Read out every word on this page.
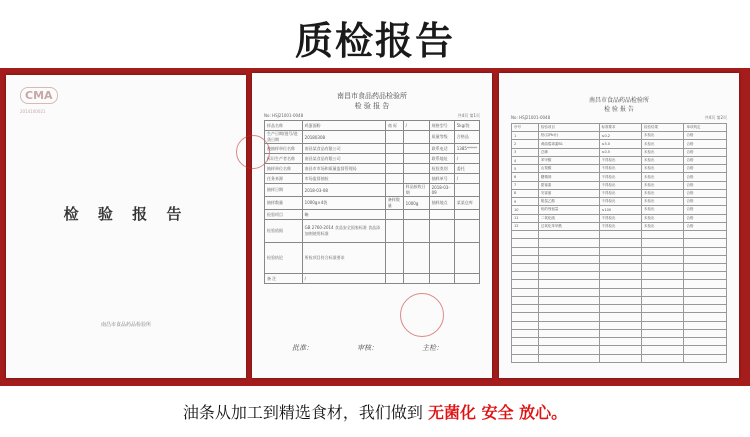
质检报告
CMA
2014100021
检 验 报 告
南昌市食品药品检验所
南昌市食品药品检验所
检 验 报 告
No: HSJ21001-0048	共4页 第1页
样品名称	鸡蛋面粉	商 标	/	规格型号	5kg/袋
生产日期/批号/进货日期	20180308			质量等级	合格品
被抽样单位名称	南昌某食品有限公司			联系电话	1385*****
标识生产者名称	南昌某食品有限公司			联系地址	/
抽样单位名称	南昌市市场和质量监督管理局			检验类别	委托
任务来源	市场监督抽检			抽样单号	/
抽样日期	2018-03-08		样品接收日期	2018-03-09	
抽样数量	1000g×4袋	备样数量	1000g	抽样地点	某某仓库
检验项目	略				
检验依据	GB 2760-2014 食品安全国家标准 食品添加剂使用标准				
检验结论	所检项目符合标准要求				
备 注	/				
批准：	审核：	主检：
南昌市食品药品检验所
检 验 报 告
No: HSJ21001-0048	共4页 第2页
序号	检验项目	标准要求	检验结果	单项判定
1	铅(以Pb计)	≤0.2	未检出	合格
2	黄曲霉毒素B1	≤5.0	未检出	合格
3	总砷	≤0.5	未检出	合格
4	苯甲酸	不得检出	未检出	合格
5	山梨酸	不得检出	未检出	合格
6	糖精钠	不得检出	未检出	合格
7	甜蜜素	不得检出	未检出	合格
8	安赛蜜	不得检出	未检出	合格
9	脱氢乙酸	不得检出	未检出	合格
10	铝的残留量	≤100	未检出	合格
11	二氧化硫	不得检出	未检出	合格
12	过氧化苯甲酰	不得检出	未检出	合格

油条从加工到精选食材，我们做到 无菌化 安全 放心。
